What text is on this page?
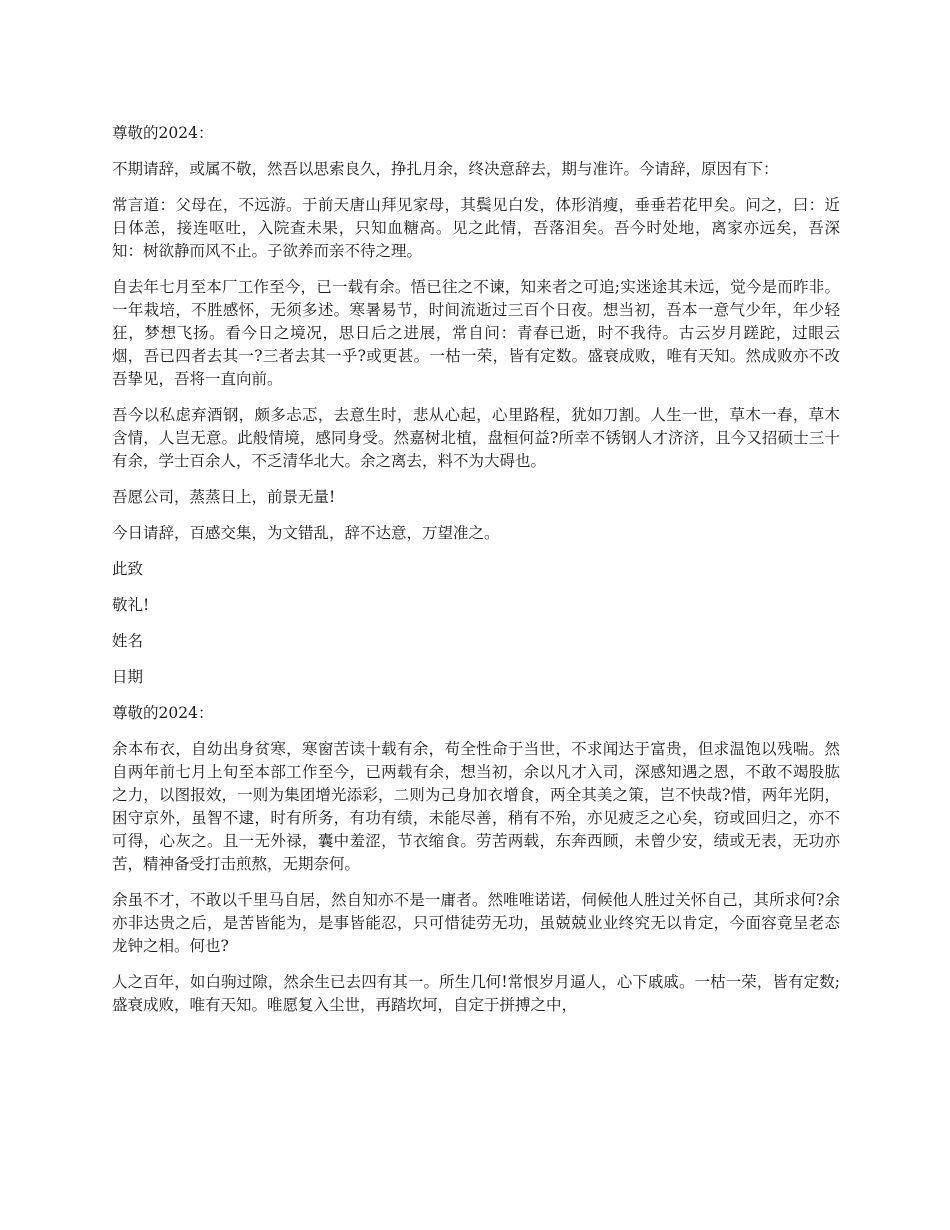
尊敬的2024：

不期请辞，或属不敬，然吾以思索良久，挣扎月余，终决意辞去，期与准许。今请辞，原因有下：

常言道：父母在，不远游。于前天唐山拜见家母，其鬓见白发，体形消瘦，垂垂若花甲矣。问之，曰：近日体恙，接连呕吐，入院查未果，只知血糖高。见之此情，吾落泪矣。吾今时处地，离家亦远矣，吾深知：树欲静而风不止。子欲养而亲不待之理。

自去年七月至本厂工作至今，已一载有余。悟已往之不谏，知来者之可追;实迷途其未远，觉今是而昨非。一年栽培，不胜感怀，无须多述。寒暑易节，时间流逝过三百个日夜。想当初，吾本一意气少年，年少轻狂，梦想飞扬。看今日之境况，思日后之进展，常自问：青春已逝，时不我待。古云岁月蹉跎，过眼云烟，吾已四者去其一?三者去其一乎?或更甚。一枯一荣，皆有定数。盛衰成败，唯有天知。然成败亦不改吾挚见，吾将一直向前。

吾今以私虑弃酒钢，颇多忐忑，去意生时，悲从心起，心里路程，犹如刀割。人生一世，草木一春，草木含情，人岂无意。此般情境，感同身受。然嘉树北植，盘桓何益?所幸不锈钢人才济济，且今又招硕士三十有余，学士百余人，不乏清华北大。余之离去，料不为大碍也。

吾愿公司，蒸蒸日上，前景无量!

今日请辞，百感交集，为文错乱，辞不达意，万望准之。

此致

敬礼!

姓名

日期

尊敬的2024：

余本布衣，自幼出身贫寒，寒窗苦读十载有余，苟全性命于当世，不求闻达于富贵，但求温饱以残喘。然自两年前七月上旬至本部工作至今，已两载有余，想当初，余以凡才入司，深感知遇之恩，不敢不竭股肱之力，以图报效，一则为集团增光添彩，二则为己身加衣增食，两全其美之策，岂不快哉?惜，两年光阴，困守京外，虽智不逮，时有所务，有功有绩，未能尽善，稍有不殆，亦见疲乏之心矣，窃或回归之，亦不可得，心灰之。且一无外禄，囊中羞涩，节衣缩食。劳苦两载，东奔西顾，未曾少安，绩或无表，无功亦苦，精神备受打击煎熬，无期奈何。

余虽不才，不敢以千里马自居，然自知亦不是一庸者。然唯唯诺诺，伺候他人胜过关怀自己，其所求何?余亦非达贵之后，是苦皆能为，是事皆能忍，只可惜徒劳无功，虽兢兢业业终究无以肯定，今面容竟呈老态龙钟之相。何也?

人之百年，如白驹过隙，然余生已去四有其一。所生几何!常恨岁月逼人，心下戚戚。一枯一荣，皆有定数;盛衰成败，唯有天知。唯愿复入尘世，再踏坎坷，自定于拼搏之中，
